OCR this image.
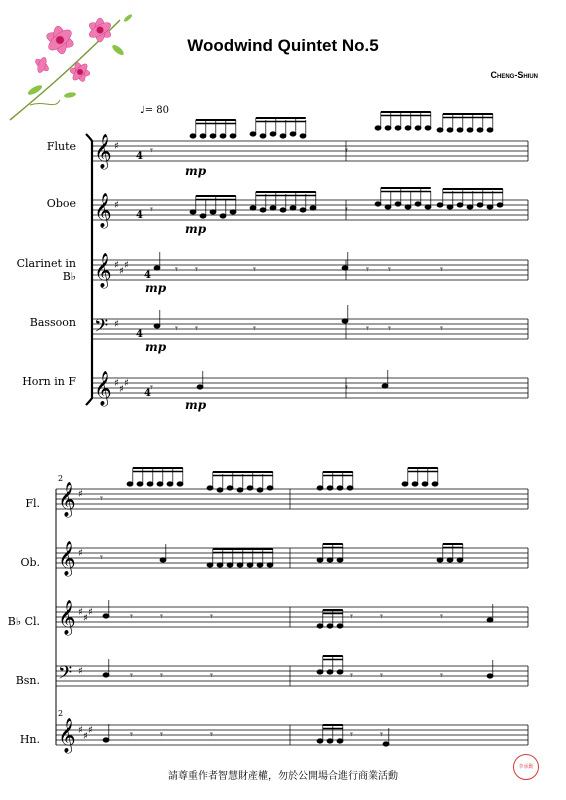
Woodwind Quintet No.5
Cheng-Shiun
♩= 80
Flute
Oboe
Clarinet in B♭
Bassoon
Horn in F
Fl.
Ob.
B♭ Cl.
Bsn.
Hn.
2
2
mp
mp
mp
mp
mp
𝄞 ♯
4
𝄞 ♯
4
𝄞 ♯
♯
♯
4
𝄢 ♯
4
𝄞 ♯
♯
♯
4
𝄾 𝄾	𝄾	𝄾 𝄾	𝄾
𝄾 𝄾	𝄾	𝄾 𝄾	𝄾
𝄾	𝄾
𝄾	𝄾
𝄾	𝄾
𝄞 ♯
𝄞 ♯
𝄞 ♯
♯
♯
𝄢 ♯
𝄞 ♯
♯
♯
𝄾
𝄾
𝄾 𝄾	𝄾	𝄾 𝄾	𝄾
𝄾 𝄾	𝄾	𝄾 𝄾	𝄾
𝄾 𝄾	𝄾	𝄾 𝄾
請尊重作者智慧財產權，勿於公開場合進行商業活動
李承勳
